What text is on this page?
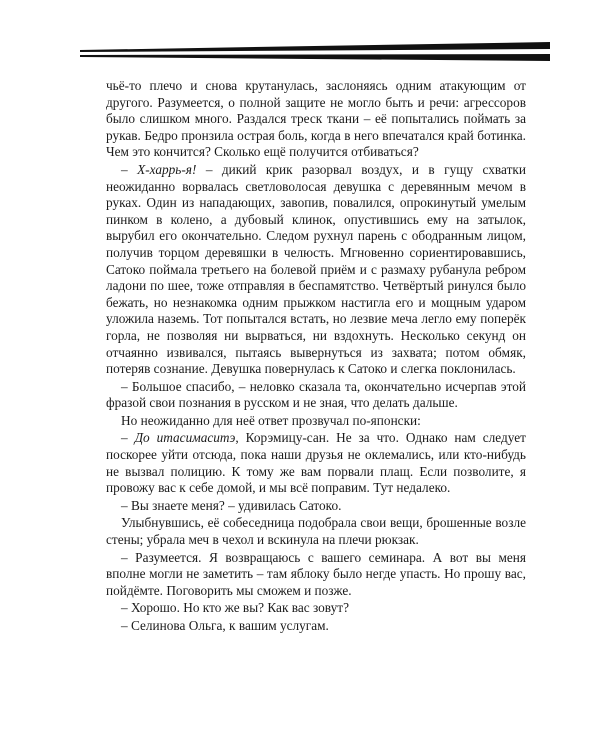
чьё-то плечо и снова крутанулась, заслоняясь одним атакующим от другого. Разумеется, о полной защите не могло быть и речи: агрессоров было слишком много. Раздался треск ткани – её попытались поймать за рукав. Бедро пронзила острая боль, когда в него впечатался край ботинка. Чем это кончится? Сколько ещё получится отбиваться?

– Х-харрь-я! – дикий крик разорвал воздух, и в гущу схватки неожиданно ворвалась светловолосая девушка с деревянным мечом в руках. Один из нападающих, завопив, повалился, опрокинутый умелым пинком в колено, а дубовый клинок, опустившись ему на затылок, вырубил его окончательно. Следом рухнул парень с ободранным лицом, получив торцом деревяшки в челюсть. Мгновенно сориентировавшись, Сатоко поймала третьего на болевой приём и с размаху рубанула ребром ладони по шее, тоже отправляя в беспамятство. Четвёртый ринулся было бежать, но незнакомка одним прыжком настигла его и мощным ударом уложила наземь. Тот попытался встать, но лезвие меча легло ему поперёк горла, не позволяя ни вырваться, ни вздохнуть. Несколько секунд он отчаянно извивался, пытаясь вывернуться из захвата; потом обмяк, потеряв сознание. Девушка повернулась к Сатоко и слегка поклонилась.

– Большое спасибо, – неловко сказала та, окончательно исчерпав этой фразой свои познания в русском и не зная, что делать дальше.

Но неожиданно для неё ответ прозвучал по-японски:

– До итасимаситэ, Корэмицу-сан. Не за что. Однако нам следует поскорее уйти отсюда, пока наши друзья не оклемались, или кто-нибудь не вызвал полицию. К тому же вам порвали плащ. Если позволите, я провожу вас к себе домой, и мы всё поправим. Тут недалеко.

– Вы знаете меня? – удивилась Сатоко.

Улыбнувшись, её собеседница подобрала свои вещи, брошенные возле стены; убрала меч в чехол и вскинула на плечи рюкзак.

– Разумеется. Я возвращаюсь с вашего семинара. А вот вы меня вполне могли не заметить – там яблоку было негде упасть. Но прошу вас, пойдёмте. Поговорить мы сможем и позже.

– Хорошо. Но кто же вы? Как вас зовут?

– Селинова Ольга, к вашим услугам.
